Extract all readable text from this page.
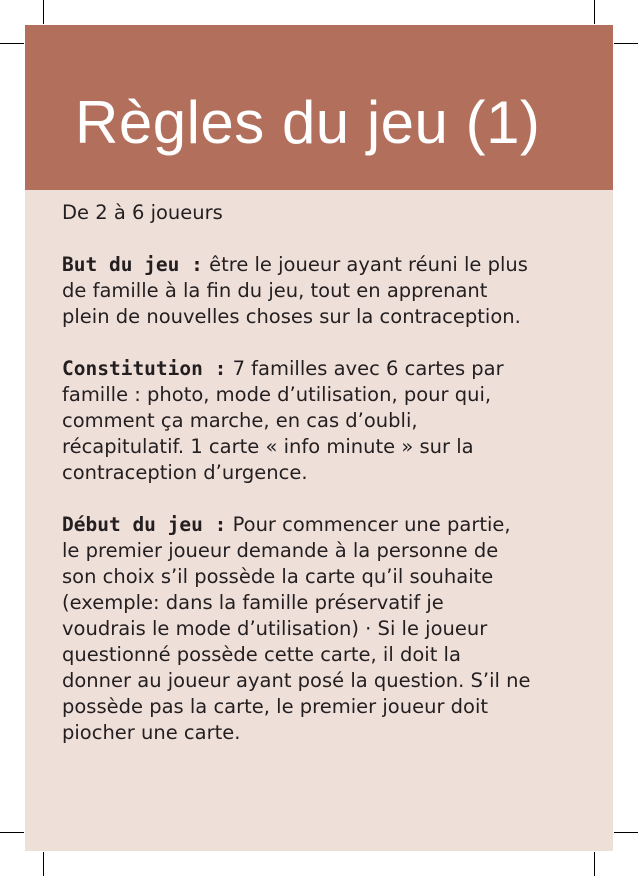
Règles du jeu (1)

De 2 à 6 joueurs

But du jeu : être le joueur ayant réuni le plus de famille à la fin du jeu, tout en apprenant plein de nouvelles choses sur la contraception.

Constitution : 7 familles avec 6 cartes par famille : photo, mode d’utilisation, pour qui, comment ça marche, en cas d’oubli, récapitulatif. 1 carte « info minute » sur la contraception d’urgence.

Début du jeu : Pour commencer une partie, le premier joueur demande à la personne de son choix s’il possède la carte qu’il souhaite (exemple: dans la famille préservatif je voudrais le mode d’utilisation) · Si le joueur questionné possède cette carte, il doit la donner au joueur ayant posé la question. S’il ne possède pas la carte, le premier joueur doit piocher une carte.
